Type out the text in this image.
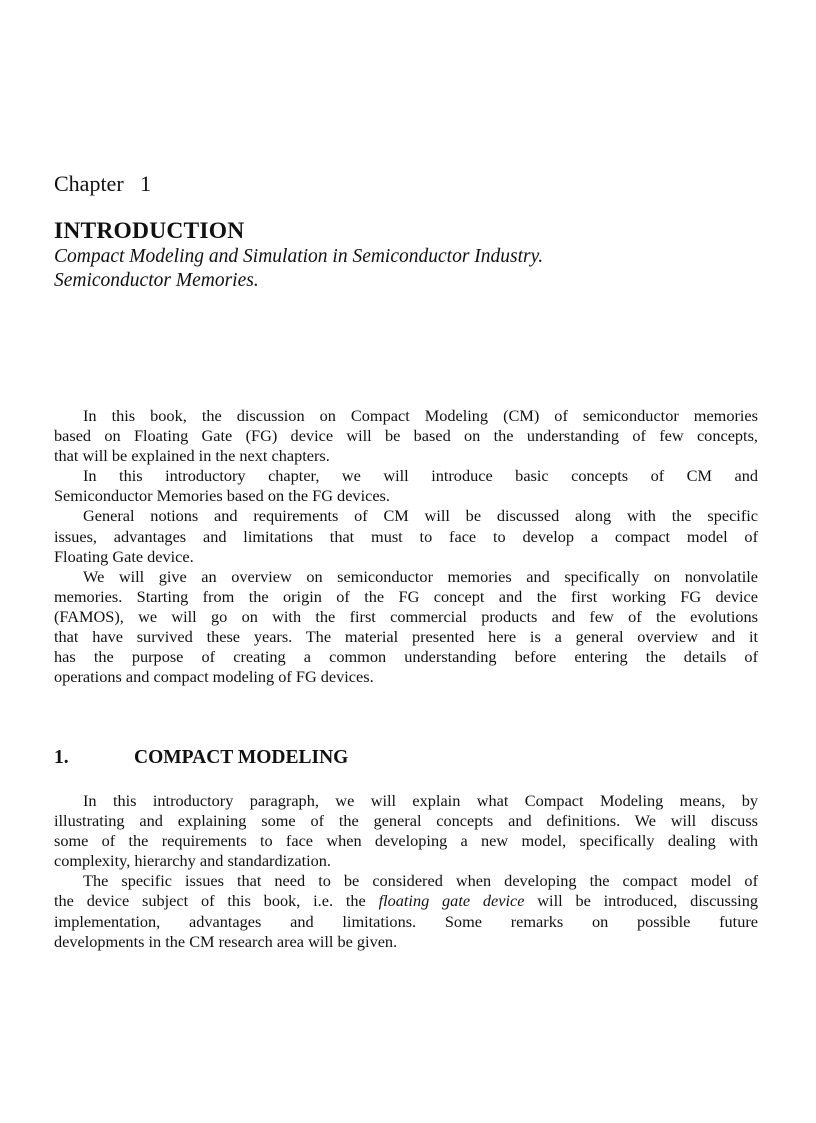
Chapter   1
INTRODUCTION
Compact Modeling and Simulation in Semiconductor Industry.
Semiconductor Memories.
In this book, the discussion on Compact Modeling (CM) of semiconductor memories
based on Floating Gate (FG) device will be based on the understanding of few concepts,
that will be explained in the next chapters.
In this introductory chapter, we will introduce basic concepts of CM and
Semiconductor Memories based on the FG devices.
General notions and requirements of CM will be discussed along with the specific
issues, advantages and limitations that must to face to develop a compact model of
Floating Gate device.
We will give an overview on semiconductor memories and specifically on nonvolatile
memories. Starting from the origin of the FG concept and the first working FG device
(FAMOS), we will go on with the first commercial products and few of the evolutions
that have survived these years. The material presented here is a general overview and it
has the purpose of creating a common understanding before entering the details of
operations and compact modeling of FG devices.
1.	COMPACT MODELING
In this introductory paragraph, we will explain what Compact Modeling means, by
illustrating and explaining some of the general concepts and definitions. We will discuss
some of the requirements to face when developing a new model, specifically dealing with
complexity, hierarchy and standardization.
The specific issues that need to be considered when developing the compact model of
the device subject of this book, i.e. the floating gate device will be introduced, discussing
implementation, advantages and limitations. Some remarks on possible future
developments in the CM research area will be given.
